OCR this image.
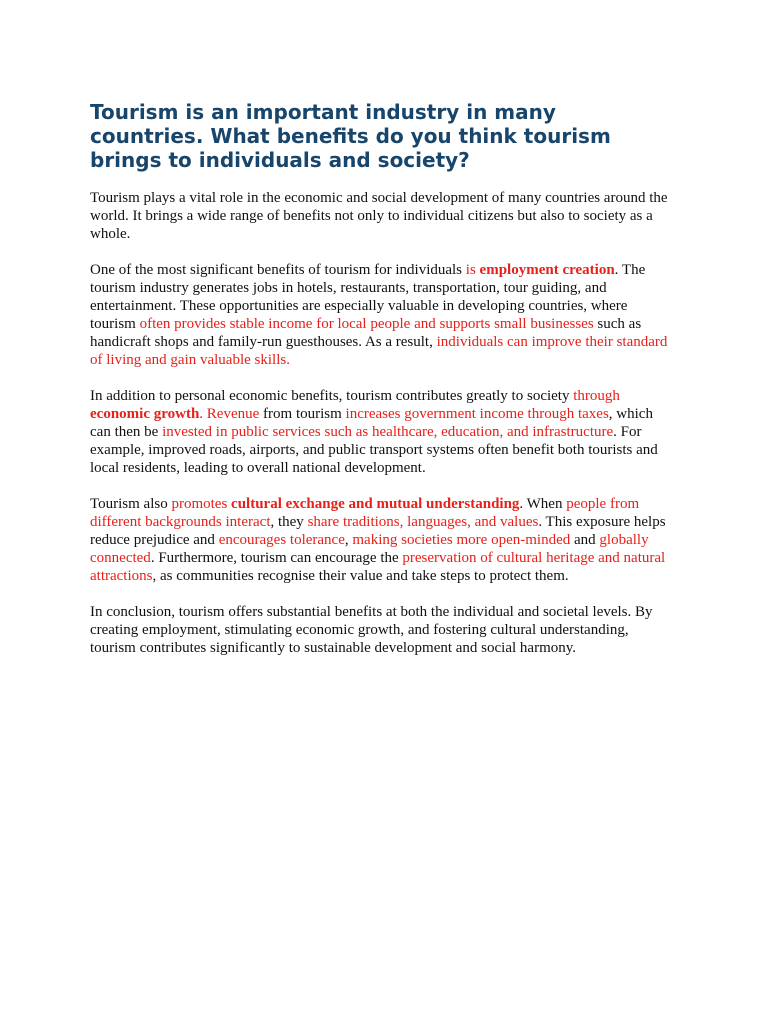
Tourism is an important industry in many countries. What benefits do you think tourism brings to individuals and society?

Tourism plays a vital role in the economic and social development of many countries around the world. It brings a wide range of benefits not only to individual citizens but also to society as a whole.

One of the most significant benefits of tourism for individuals is employment creation. The tourism industry generates jobs in hotels, restaurants, transportation, tour guiding, and entertainment. These opportunities are especially valuable in developing countries, where tourism often provides stable income for local people and supports small businesses such as handicraft shops and family-run guesthouses. As a result, individuals can improve their standard of living and gain valuable skills.

In addition to personal economic benefits, tourism contributes greatly to society through economic growth. Revenue from tourism increases government income through taxes, which can then be invested in public services such as healthcare, education, and infrastructure. For example, improved roads, airports, and public transport systems often benefit both tourists and local residents, leading to overall national development.

Tourism also promotes cultural exchange and mutual understanding. When people from different backgrounds interact, they share traditions, languages, and values. This exposure helps reduce prejudice and encourages tolerance, making societies more open-minded and globally connected. Furthermore, tourism can encourage the preservation of cultural heritage and natural attractions, as communities recognise their value and take steps to protect them.

In conclusion, tourism offers substantial benefits at both the individual and societal levels. By creating employment, stimulating economic growth, and fostering cultural understanding, tourism contributes significantly to sustainable development and social harmony.
